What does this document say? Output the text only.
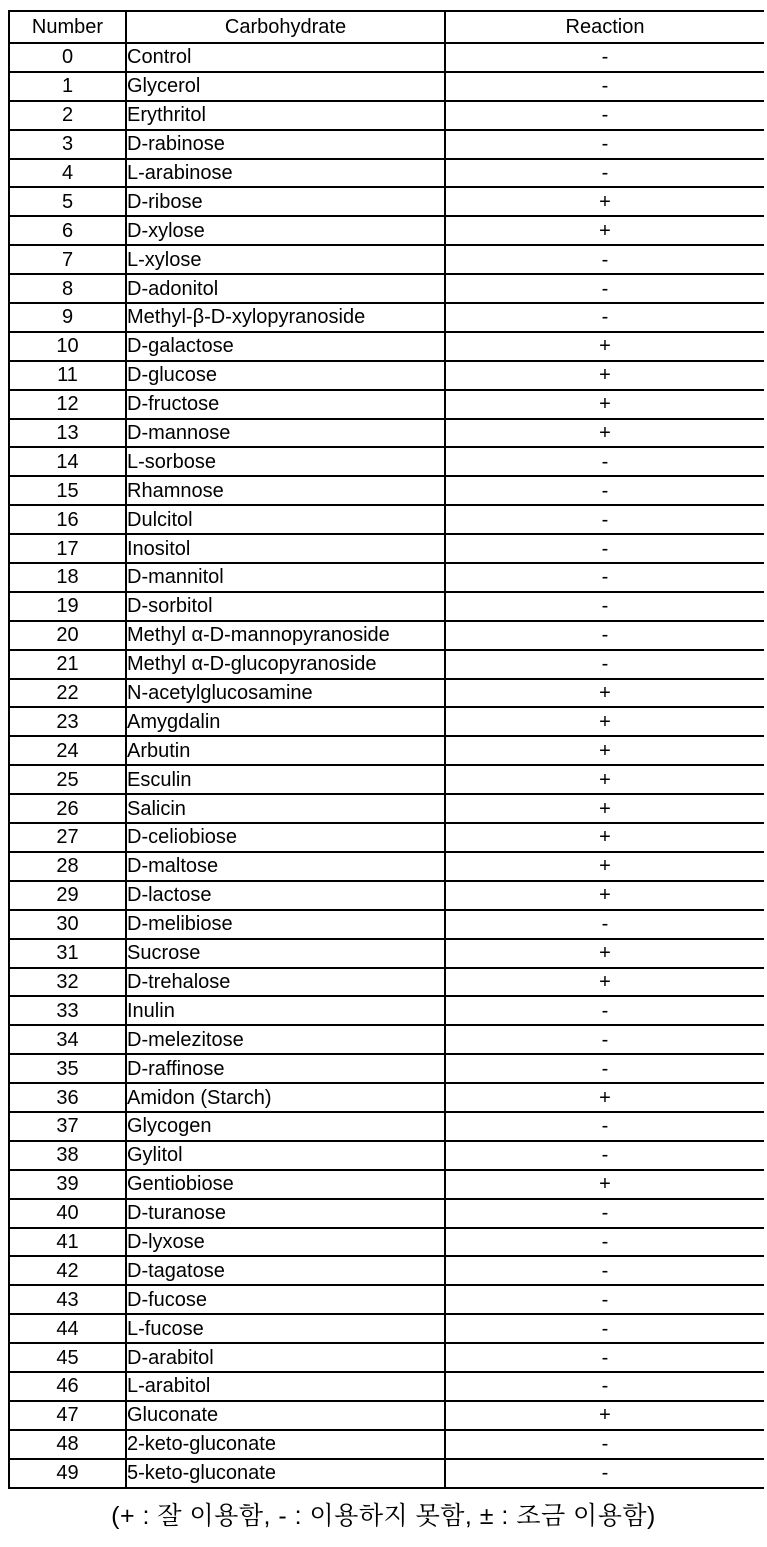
Number	Carbohydrate	Reaction
0	Control	-
1	Glycerol	-
2	Erythritol	-
3	D-rabinose	-
4	L-arabinose	-
5	D-ribose	+
6	D-xylose	+
7	L-xylose	-
8	D-adonitol	-
9	Methyl-β-D-xylopyranoside	-
10	D-galactose	+
11	D-glucose	+
12	D-fructose	+
13	D-mannose	+
14	L-sorbose	-
15	Rhamnose	-
16	Dulcitol	-
17	Inositol	-
18	D-mannitol	-
19	D-sorbitol	-
20	Methyl α-D-mannopyranoside	-
21	Methyl α-D-glucopyranoside	-
22	N-acetylglucosamine	+
23	Amygdalin	+
24	Arbutin	+
25	Esculin	+
26	Salicin	+
27	D-celiobiose	+
28	D-maltose	+
29	D-lactose	+
30	D-melibiose	-
31	Sucrose	+
32	D-trehalose	+
33	Inulin	-
34	D-melezitose	-
35	D-raffinose	-
36	Amidon (Starch)	+
37	Glycogen	-
38	Gylitol	-
39	Gentiobiose	+
40	D-turanose	-
41	D-lyxose	-
42	D-tagatose	-
43	D-fucose	-
44	L-fucose	-
45	D-arabitol	-
46	L-arabitol	-
47	Gluconate	+
48	2-keto-gluconate	-
49	5-keto-gluconate	-
(+ : 잘 이용함, - : 이용하지 못함, ± : 조금 이용함)
